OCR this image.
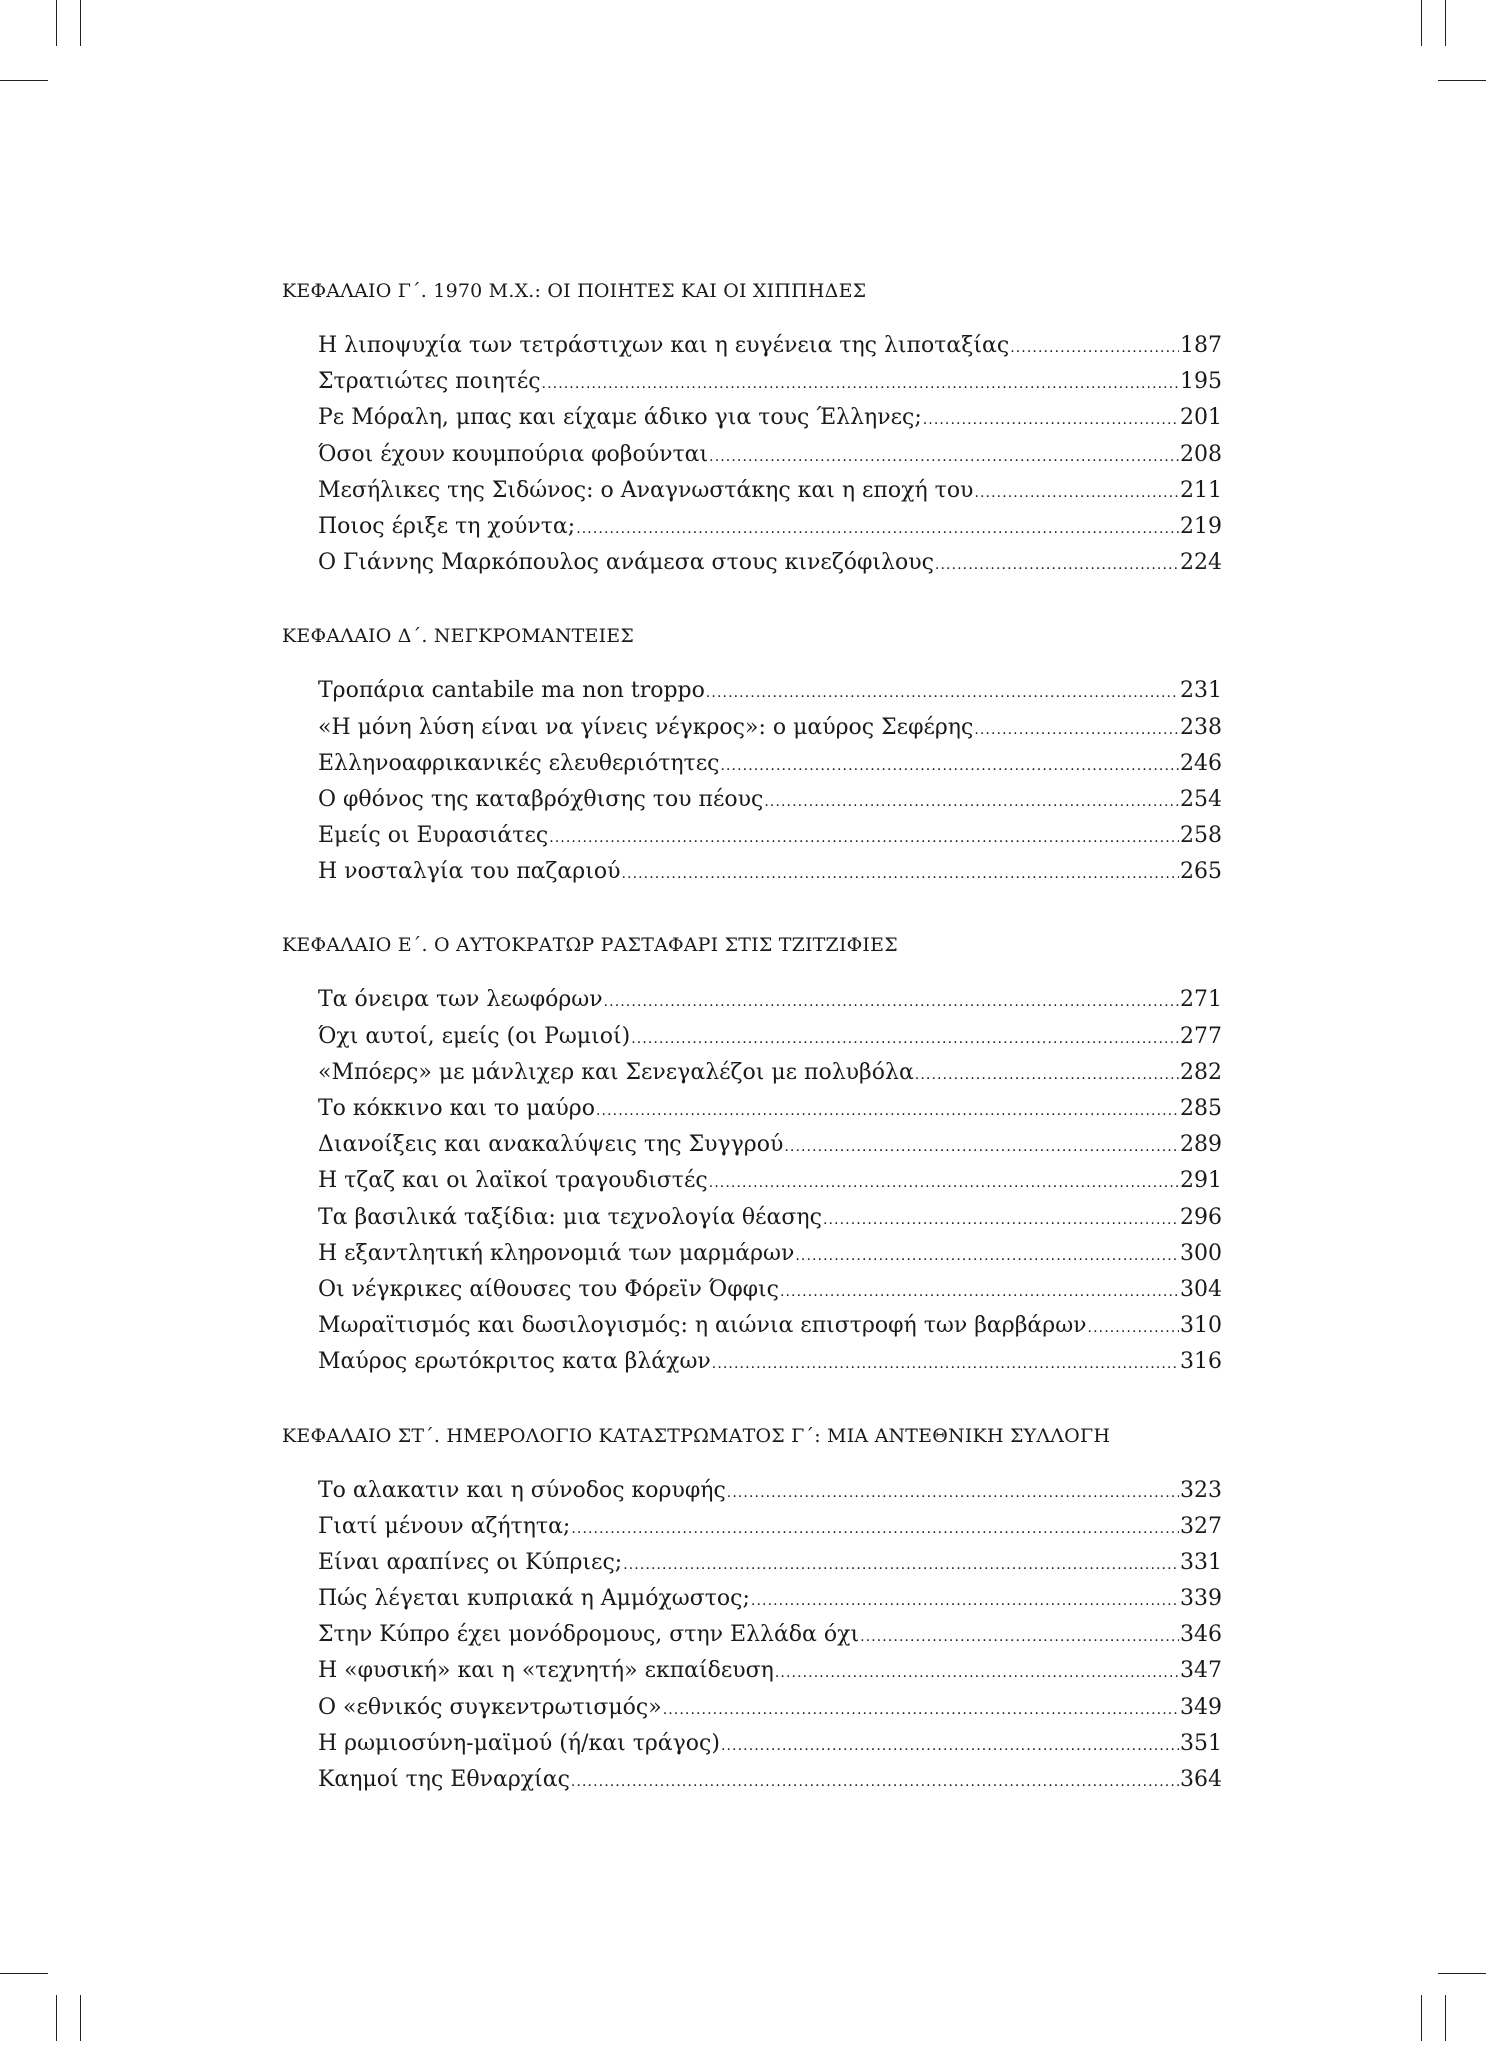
ΚΕΦΑΛΑΙΟ Γ΄. 1970 Μ.Χ.: ΟΙ ΠΟΙΗΤΕΣ ΚΑΙ ΟΙ ΧΙΠΠΗΔΕΣ
Η λιποψυχία των τετράστιχων και η ευγένεια της λιποταξίας .....	187
Στρατιώτες ποιητές .....	195
Ρε Μόραλη, μπας και είχαμε άδικο για τους Έλληνες; .....	201
Όσοι έχουν κουμπούρια φοβούνται .....	208
Μεσήλικες της Σιδώνος: ο Αναγνωστάκης και η εποχή του .....	211
Ποιος έριξε τη χούντα; .....	219
Ο Γιάννης Μαρκόπουλος ανάμεσα στους κινεζόφιλους .....	224
ΚΕΦΑΛΑΙΟ Δ΄. ΝΕΓΚΡΟΜΑΝΤΕΙΕΣ
Τροπάρια cantabile ma non troppo .....	231
«Η μόνη λύση είναι να γίνεις νέγκρος»: ο μαύρος Σεφέρης .....	238
Ελληνοαφρικανικές ελευθεριότητες .....	246
Ο φθόνος της καταβρόχθισης του πέους .....	254
Εμείς οι Ευρασιάτες .....	258
Η νοσταλγία του παζαριού .....	265
ΚΕΦΑΛΑΙΟ Ε΄. Ο ΑΥΤΟΚΡΑΤΩΡ ΡΑΣΤΑΦΑΡΙ ΣΤΙΣ ΤΖΙΤΖΙΦΙΕΣ
Τα όνειρα των λεωφόρων .....	271
Όχι αυτοί, εμείς (οι Ρωμιοί) .....	277
«Μπόερς» με μάνλιχερ και Σενεγαλέζοι με πολυβόλα .....	282
Το κόκκινο και το μαύρο .....	285
Διανοίξεις και ανακαλύψεις της Συγγρού .....	289
Η τζαζ και οι λαϊκοί τραγουδιστές .....	291
Τα βασιλικά ταξίδια: μια τεχνολογία θέασης .....	296
Η εξαντλητική κληρονομιά των μαρμάρων .....	300
Οι νέγκρικες αίθουσες του Φόρεϊν Όφφις .....	304
Μωραϊτισμός και δωσιλογισμός: η αιώνια επιστροφή των βαρβάρων .....	310
Μαύρος ερωτόκριτος κατα βλάχων .....	316
ΚΕΦΑΛΑΙΟ ΣΤ΄. ΗΜΕΡΟΛΟΓΙΟ ΚΑΤΑΣΤΡΩΜΑΤΟΣ Γ΄: ΜΙΑ ΑΝΤΕΘΝΙΚΗ ΣΥΛΛΟΓΗ
Το αλακατιν και η σύνοδος κορυφής .....	323
Γιατί μένουν αζήτητα; .....	327
Είναι αραπίνες οι Κύπριες; .....	331
Πώς λέγεται κυπριακά η Αμμόχωστος; .....	339
Στην Κύπρο έχει μονόδρομους, στην Ελλάδα όχι .....	346
Η «φυσική» και η «τεχνητή» εκπαίδευση .....	347
Ο «εθνικός συγκεντρωτισμός» .....	349
Η ρωμιοσύνη-μαϊμού (ή/και τράγος) .....	351
Καημοί της Εθναρχίας .....	364
